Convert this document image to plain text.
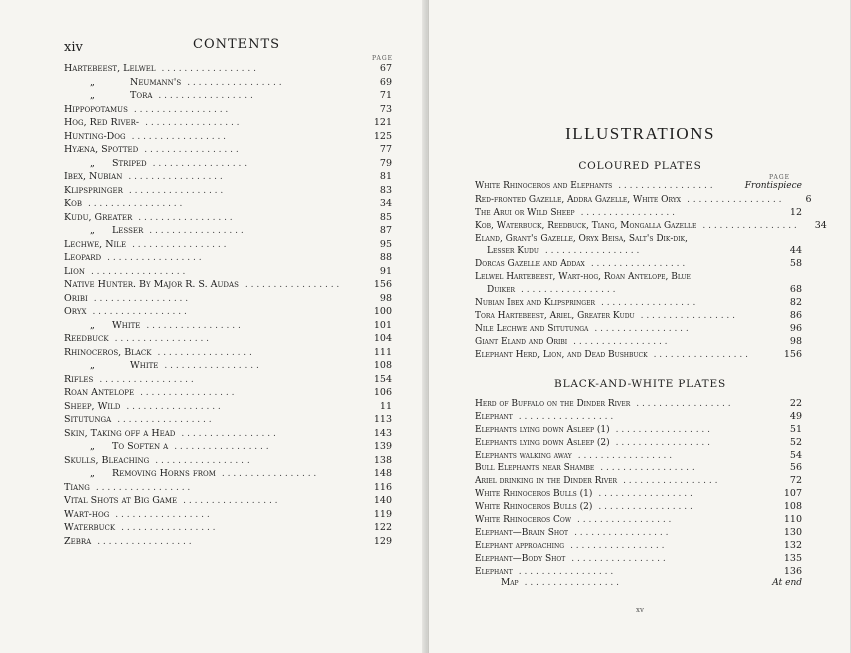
xiv	CONTENTS
PAGE
Hartebeest, Lelwel . . . . . . . . . . . . . . . . .	67
„	Neumann's . . . . . . . . . . . . . . . . .	69
„	Tora . . . . . . . . . . . . . . . . .	71
Hippopotamus . . . . . . . . . . . . . . . . .	73
Hog, Red River- . . . . . . . . . . . . . . . . .	121
Hunting-Dog . . . . . . . . . . . . . . . . .	125
Hyæna, Spotted . . . . . . . . . . . . . . . . .	77
„ Striped . . . . . . . . . . . . . . . . .	79
Ibex, Nubian . . . . . . . . . . . . . . . . .	81
Klipspringer . . . . . . . . . . . . . . . . .	83
Kob . . . . . . . . . . . . . . . . .	34
Kudu, Greater . . . . . . . . . . . . . . . . .	85
„ Lesser . . . . . . . . . . . . . . . . .	87
Lechwe, Nile . . . . . . . . . . . . . . . . .	95
Leopard . . . . . . . . . . . . . . . . .	88
Lion . . . . . . . . . . . . . . . . .	91
Native Hunter. By Major R. S. Audas . . . . . . . . . . . . . . . . .	156
Oribi . . . . . . . . . . . . . . . . .	98
Oryx . . . . . . . . . . . . . . . . .	100
„ White . . . . . . . . . . . . . . . . .	101
Reedbuck . . . . . . . . . . . . . . . . .	104
Rhinoceros, Black . . . . . . . . . . . . . . . . .	111
„	White . . . . . . . . . . . . . . . . .	108
Rifles . . . . . . . . . . . . . . . . .	154
Roan Antelope . . . . . . . . . . . . . . . . .	106
Sheep, Wild . . . . . . . . . . . . . . . . .	11
Situtunga . . . . . . . . . . . . . . . . .	113
Skin, Taking off a Head . . . . . . . . . . . . . . . . .	143
„ To Soften a . . . . . . . . . . . . . . . . .	139
Skulls, Bleaching . . . . . . . . . . . . . . . . .	138
„ Removing Horns from . . . . . . . . . . . . . . . . .	148
Tiang . . . . . . . . . . . . . . . . .	116
Vital Shots at Big Game . . . . . . . . . . . . . . . . .	140
Wart-hog . . . . . . . . . . . . . . . . .	119
Waterbuck . . . . . . . . . . . . . . . . .	122
Zebra . . . . . . . . . . . . . . . . .	129
ILLUSTRATIONS
COLOURED PLATES
PAGE
White Rhinoceros and Elephants . . . . . . . . . . . . . . . . .	Frontispiece
Red-fronted Gazelle, Addra Gazelle, White Oryx . . . . . . . . . . . . . . . . .	6
The Arui or Wild Sheep . . . . . . . . . . . . . . . . .	12
Kob, Waterbuck, Reedbuck, Tiang, Mongalla Gazelle . . . . . . . . . . . . . . . . .	34
Eland, Grant's Gazelle, Oryx Beisa, Salt's Dik-dik,
Lesser Kudu . . . . . . . . . . . . . . . . .	44
Dorcas Gazelle and Addax . . . . . . . . . . . . . . . . .	58
Lelwel Hartebeest, Wart-hog, Roan Antelope, Blue
Duiker . . . . . . . . . . . . . . . . .	68
Nubian Ibex and Klipspringer . . . . . . . . . . . . . . . . .	82
Tora Hartebeest, Ariel, Greater Kudu . . . . . . . . . . . . . . . . .	86
Nile Lechwe and Situtunga . . . . . . . . . . . . . . . . .	96
Giant Eland and Oribi . . . . . . . . . . . . . . . . .	98
Elephant Herd, Lion, and Dead Bushbuck . . . . . . . . . . . . . . . . .	156
BLACK-AND-WHITE PLATES
Herd of Buffalo on the Dinder River . . . . . . . . . . . . . . . . .	22
Elephant . . . . . . . . . . . . . . . . .	49
Elephants lying down Asleep (1) . . . . . . . . . . . . . . . . .	51
Elephants lying down Asleep (2) . . . . . . . . . . . . . . . . .	52
Elephants walking away . . . . . . . . . . . . . . . . .	54
Bull Elephants near Shambe . . . . . . . . . . . . . . . . .	56
Ariel drinking in the Dinder River . . . . . . . . . . . . . . . . .	72
White Rhinoceros Bulls (1) . . . . . . . . . . . . . . . . .	107
White Rhinoceros Bulls (2) . . . . . . . . . . . . . . . . .	108
White Rhinoceros Cow . . . . . . . . . . . . . . . . .	110
Elephant—Brain Shot . . . . . . . . . . . . . . . . .	130
Elephant approaching . . . . . . . . . . . . . . . . .	132
Elephant—Body Shot . . . . . . . . . . . . . . . . .	135
Elephant . . . . . . . . . . . . . . . . .	136
Map . . . . . . . . . . . . . . . . .	At end
xv
